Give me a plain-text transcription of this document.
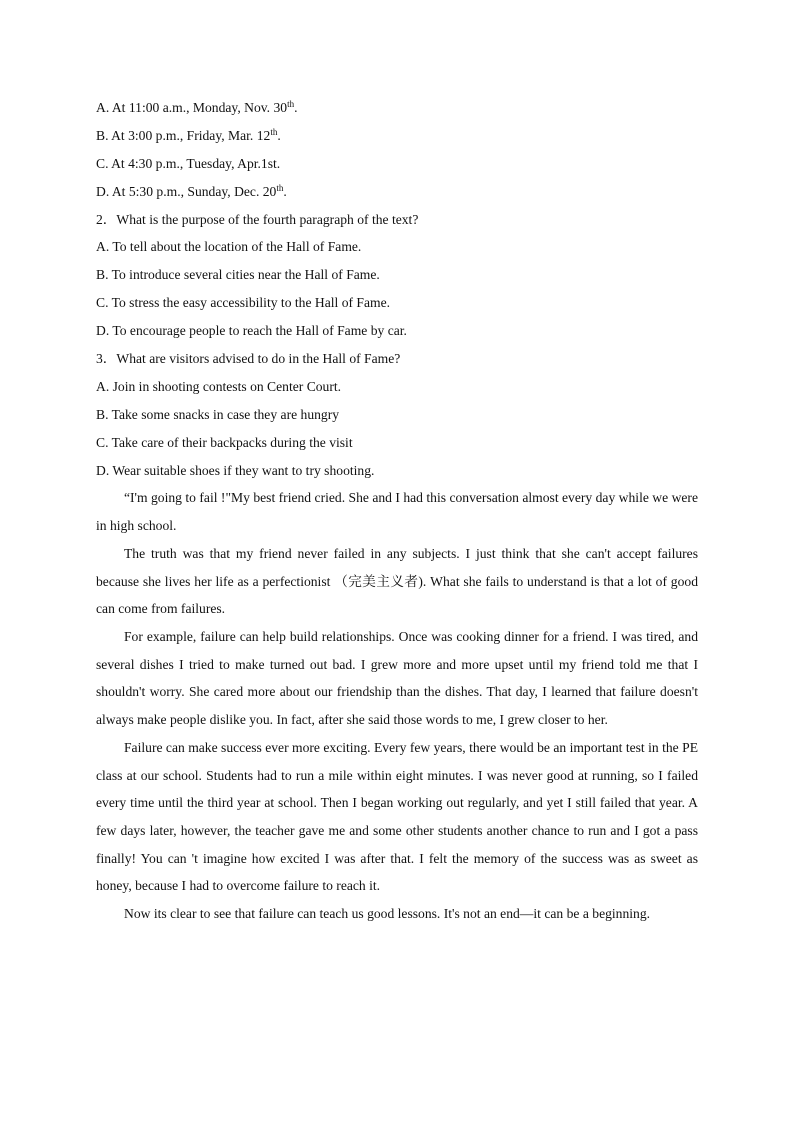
A. At 11:00 a.m., Monday, Nov. 30th.
B. At 3:00 p.m., Friday, Mar. 12th.
C. At 4:30 p.m., Tuesday, Apr.1st.
D. At 5:30 p.m., Sunday, Dec. 20th.
2．What is the purpose of the fourth paragraph of the text?
A. To tell about the location of the Hall of Fame.
B. To introduce several cities near the Hall of Fame.
C. To stress the easy accessibility to the Hall of Fame.
D. To encourage people to reach the Hall of Fame by car.
3．What are visitors advised to do in the Hall of Fame?
A. Join in shooting contests on Center Court.
B. Take some snacks in case they are hungry
C. Take care of their backpacks during the visit
D. Wear suitable shoes if they want to try shooting.

“I'm going to fail !"My best friend cried. She and I had this conversation almost every day while we were in high school.

The truth was that my friend never failed in any subjects. I just think that she can't accept failures because she lives her life as a perfectionist （完美主义者). What she fails to understand is that a lot of good can come from failures.

For example, failure can help build relationships. Once was cooking dinner for a friend. I was tired, and several dishes I tried to make turned out bad. I grew more and more upset until my friend told me that I shouldn't worry. She cared more about our friendship than the dishes. That day, I learned that failure doesn't always make people dislike you. In fact, after she said those words to me, I grew closer to her.

Failure can make success ever more exciting. Every few years, there would be an important test in the PE class at our school. Students had to run a mile within eight minutes. I was never good at running, so I failed every time until the third year at school. Then I began working out regularly, and yet I still failed that year. A few days later, however, the teacher gave me and some other students another chance to run and I got a pass finally! You can 't imagine how excited I was after that. I felt the memory of the success was as sweet as honey, because I had to overcome failure to reach it.

Now its clear to see that failure can teach us good lessons. It's not an end—it can be a beginning.
